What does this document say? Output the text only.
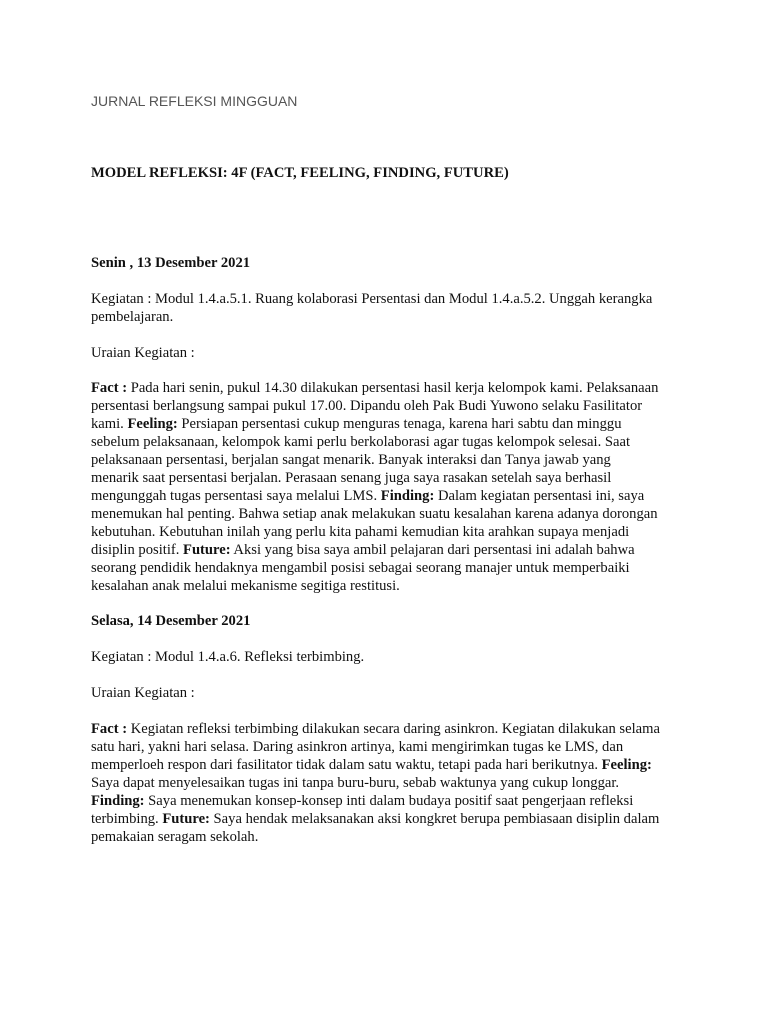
JURNAL REFLEKSI MINGGUAN

MODEL REFLEKSI: 4F (FACT, FEELING, FINDING, FUTURE)

Senin , 13 Desember 2021

Kegiatan : Modul 1.4.a.5.1. Ruang kolaborasi Persentasi dan Modul 1.4.a.5.2. Unggah kerangka
pembelajaran.

Uraian Kegiatan :

Fact : Pada hari senin, pukul 14.30 dilakukan persentasi hasil kerja kelompok kami. Pelaksanaan
persentasi berlangsung sampai pukul 17.00. Dipandu oleh Pak Budi Yuwono selaku Fasilitator
kami. Feeling: Persiapan persentasi cukup menguras tenaga, karena hari sabtu dan minggu
sebelum pelaksanaan, kelompok kami perlu berkolaborasi agar tugas kelompok selesai. Saat
pelaksanaan persentasi, berjalan sangat menarik. Banyak interaksi dan Tanya jawab yang
menarik saat persentasi berjalan. Perasaan senang juga saya rasakan setelah saya berhasil
mengunggah tugas persentasi saya melalui LMS. Finding: Dalam kegiatan persentasi ini, saya
menemukan hal penting. Bahwa setiap anak melakukan suatu kesalahan karena adanya dorongan
kebutuhan. Kebutuhan inilah yang perlu kita pahami kemudian kita arahkan supaya menjadi
disiplin positif. Future: Aksi yang bisa saya ambil pelajaran dari persentasi ini adalah bahwa
seorang pendidik hendaknya mengambil posisi sebagai seorang manajer untuk memperbaiki
kesalahan anak melalui mekanisme segitiga restitusi.

Selasa, 14 Desember 2021

Kegiatan : Modul 1.4.a.6. Refleksi terbimbing.

Uraian Kegiatan :

Fact : Kegiatan refleksi terbimbing dilakukan secara daring asinkron. Kegiatan dilakukan selama
satu hari, yakni hari selasa. Daring asinkron artinya, kami mengirimkan tugas ke LMS, dan
memperloeh respon dari fasilitator tidak dalam satu waktu, tetapi pada hari berikutnya. Feeling:
Saya dapat menyelesaikan tugas ini tanpa buru-buru, sebab waktunya yang cukup longgar.
Finding: Saya menemukan konsep-konsep inti dalam budaya positif saat pengerjaan refleksi
terbimbing. Future: Saya hendak melaksanakan aksi kongkret berupa pembiasaan disiplin dalam
pemakaian seragam sekolah.
